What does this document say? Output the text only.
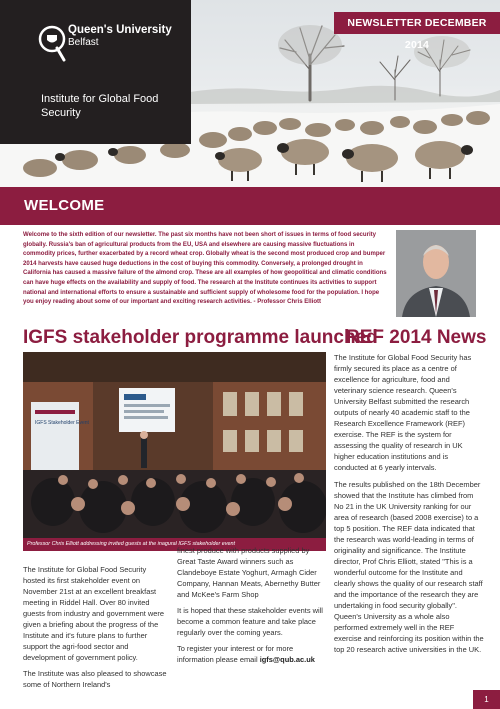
Queen's University
Belfast
Institute for Global Food Security
NEWSLETTER DECEMBER 2014
WELCOME

Welcome to the sixth edition of our newsletter. The past six months have not been short of issues in terms of food security globally. Russia's ban of agricultural products from the EU, USA and elsewhere are causing massive fluctuations in commodity prices, further exacerbated by a record wheat crop. Globally wheat is the second most produced crop and bumper 2014 harvests have caused huge deductions in the cost of buying this commodity. Conversely, a prolonged drought in California has caused a massive failure of the almond crop. These are all examples of how geopolitical and climatic conditions can have huge effects on the availability and supply of food. The research at the Institute continues its activities to support national and international efforts to ensure a sustainable and sufficient supply of wholesome food for the population. I hope you enjoy reading about some of our important and exciting research activities. - Professor Chris Elliott

IGFS stakeholder programme launched
IGFS Stakeholder Event
Professor Chris Elliott addressing invited guests at the inagural IGFS stakeholder event

The Institute for Global Food Security hosted its first stakeholder event on November 21st at an excellent breakfast meeting in Riddel Hall. Over 80 invited guests from industry and government were given a briefing about the progress of the Institute and it's future plans to further support the agri-food sector and development of government policy.

The Institute was also pleased to showcase some of Northern Ireland's

finest produce with products supplied by Great Taste Award winners such as Clandeboye Estate Yoghurt, Armagh Cider Company, Hannan Meats, Abernethy Butter and McKee's Farm Shop

It is hoped that these stakeholder events will become a common feature and take place regularly over the coming years.

To register your interest or for more information please email igfs@qub.ac.uk

REF 2014 News

The Institute for Global Food Security has firmly secured its place as a centre of excellence for agriculture, food and veterinary science research. Queen's University Belfast submitted the research outputs of nearly 40 academic staff to the Research Excellence Framework (REF) exercise. The REF is the system for assessing the quality of research in UK higher education institutions and is conducted at 6 yearly intervals.

The results published on the 18th December showed that the Institute has climbed from No 21 in the UK University ranking for our area of research (based 2008 exercise) to a top 5 position. The REF data indicated that the research was world-leading in terms of originality and significance. The Institute director, Prof Chris Elliott, stated "This is a wonderful outcome for the Institute and clearly shows the quality of our research staff and the importance of the research they are undertaking in food security globally". Queen's University as a whole also performed extremely well in the REF exercise and reinforcing its position within the top 20 research active universities in the UK.

1
